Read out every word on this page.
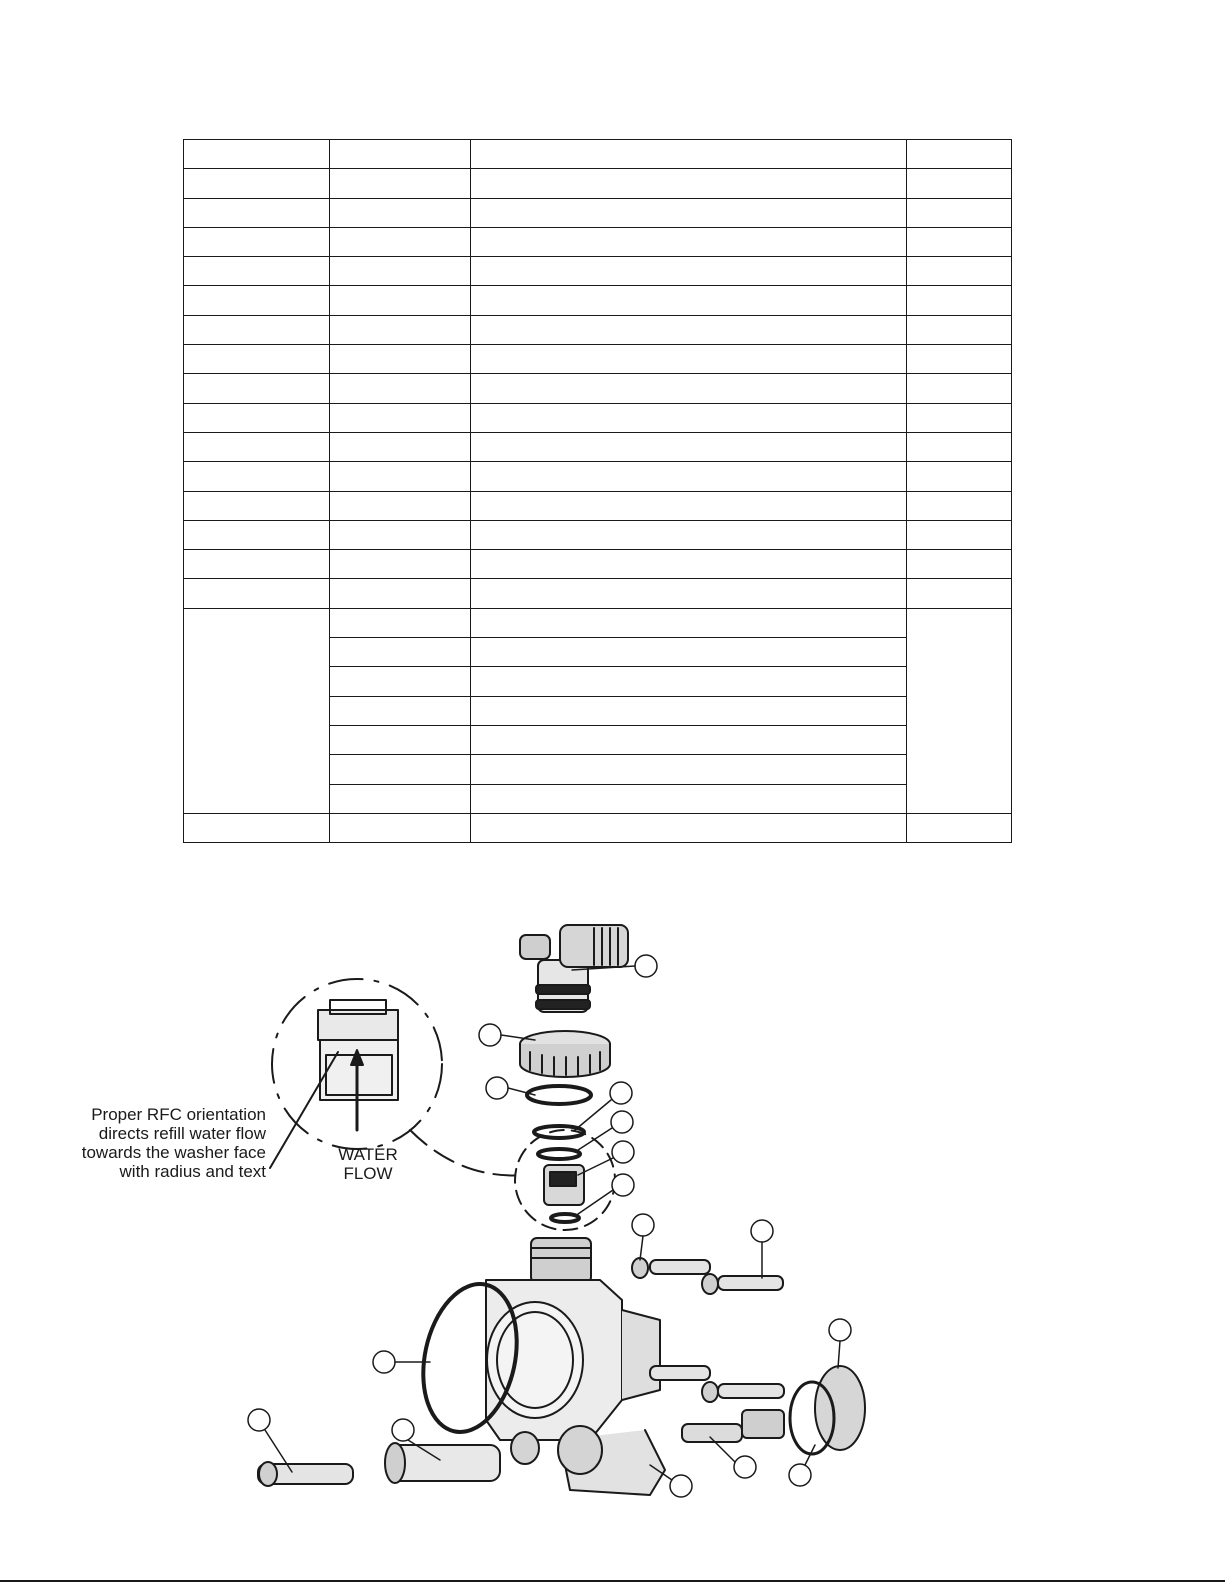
Proper RFC orientation
directs refill water flow
towards the washer face
with radius and text
WATER
FLOW
